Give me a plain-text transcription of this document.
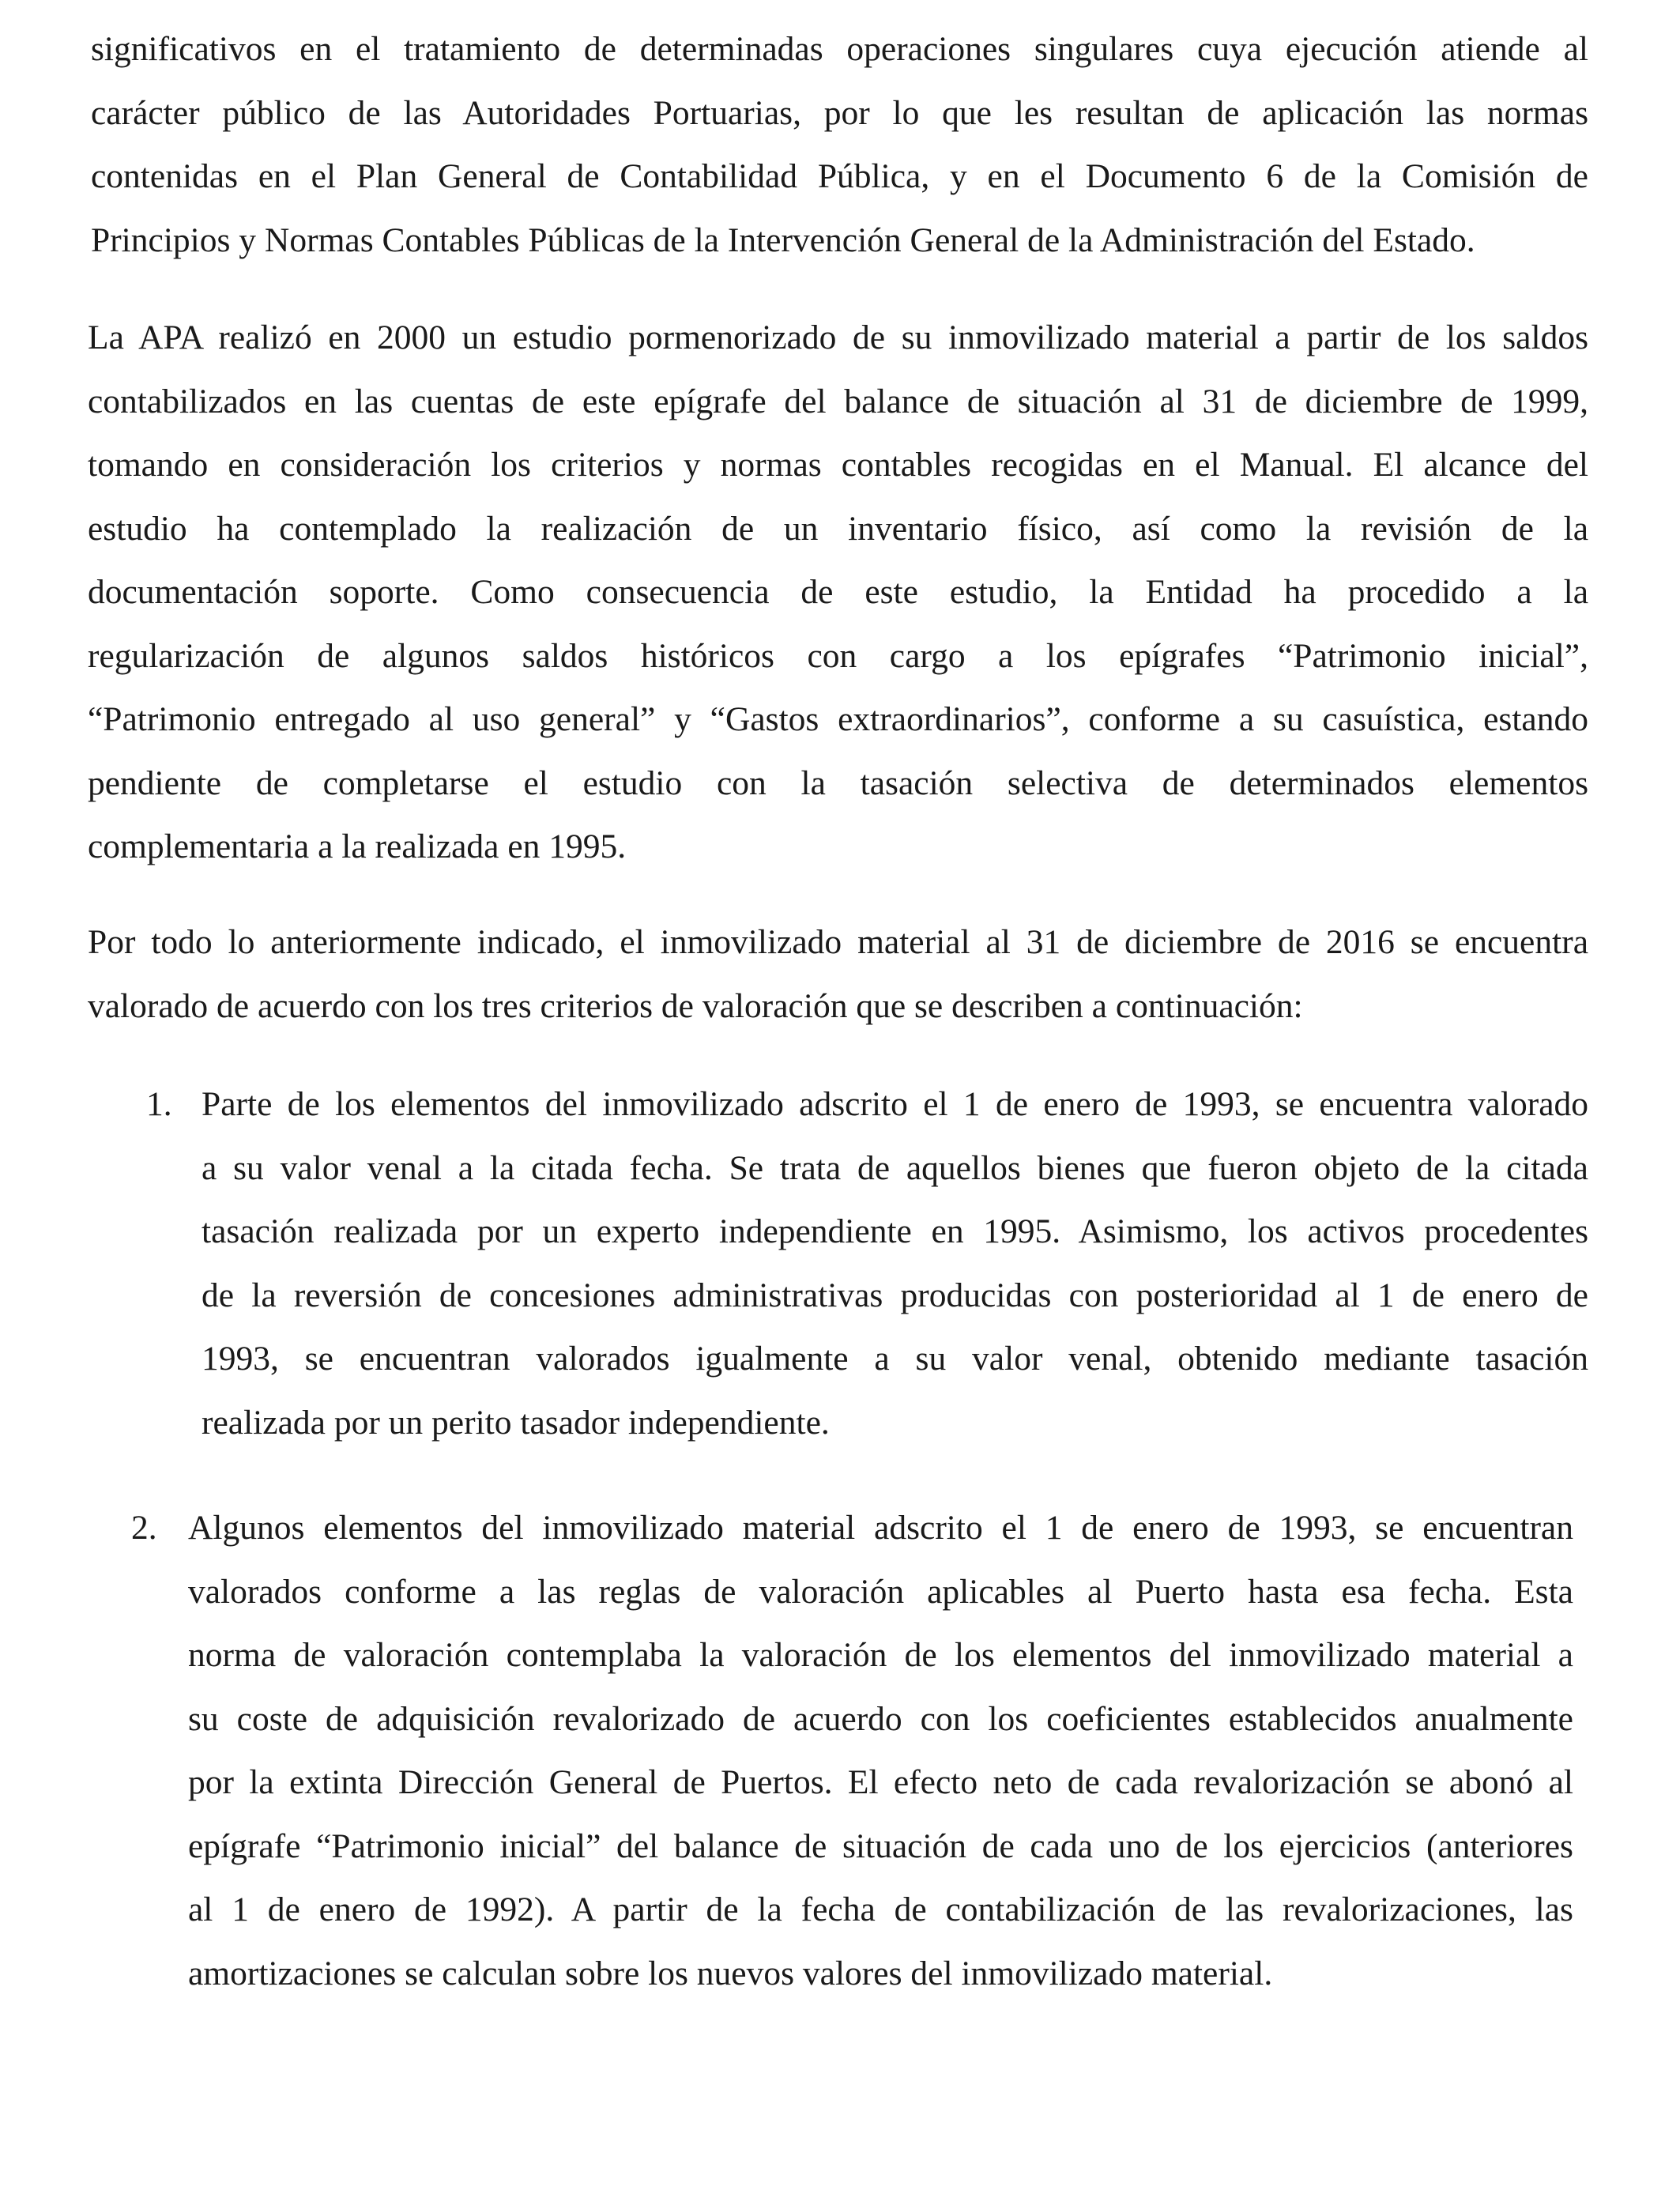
significativos en el tratamiento de determinadas operaciones singulares cuya ejecución atiende al
carácter público de las Autoridades Portuarias, por lo que les resultan de aplicación las normas
contenidas en el Plan General de Contabilidad Pública, y en el Documento 6 de la Comisión de
Principios y Normas Contables Públicas de la Intervención General de la Administración del Estado.
La APA realizó en 2000 un estudio pormenorizado de su inmovilizado material a partir de los saldos
contabilizados en las cuentas de este epígrafe del balance de situación al 31 de diciembre de 1999,
tomando en consideración los criterios y normas contables recogidas en el Manual. El alcance del
estudio ha contemplado la realización de un inventario físico, así como la revisión de la
documentación soporte. Como consecuencia de este estudio, la Entidad ha procedido a la
regularización de algunos saldos históricos con cargo a los epígrafes “Patrimonio inicial”,
“Patrimonio entregado al uso general” y “Gastos extraordinarios”, conforme a su casuística, estando
pendiente de completarse el estudio con la tasación selectiva de determinados elementos
complementaria a la realizada en 1995.
Por todo lo anteriormente indicado, el inmovilizado material al 31 de diciembre de 2016 se encuentra
valorado de acuerdo con los tres criterios de valoración que se describen a continuación:
1. Parte de los elementos del inmovilizado adscrito el 1 de enero de 1993, se encuentra valorado
a su valor venal a la citada fecha. Se trata de aquellos bienes que fueron objeto de la citada
tasación realizada por un experto independiente en 1995. Asimismo, los activos procedentes
de la reversión de concesiones administrativas producidas con posterioridad al 1 de enero de
1993, se encuentran valorados igualmente a su valor venal, obtenido mediante tasación
realizada por un perito tasador independiente.
2. Algunos elementos del inmovilizado material adscrito el 1 de enero de 1993, se encuentran
valorados conforme a las reglas de valoración aplicables al Puerto hasta esa fecha. Esta
norma de valoración contemplaba la valoración de los elementos del inmovilizado material a
su coste de adquisición revalorizado de acuerdo con los coeficientes establecidos anualmente
por la extinta Dirección General de Puertos. El efecto neto de cada revalorización se abonó al
epígrafe “Patrimonio inicial” del balance de situación de cada uno de los ejercicios (anteriores
al 1 de enero de 1992). A partir de la fecha de contabilización de las revalorizaciones, las
amortizaciones se calculan sobre los nuevos valores del inmovilizado material.
